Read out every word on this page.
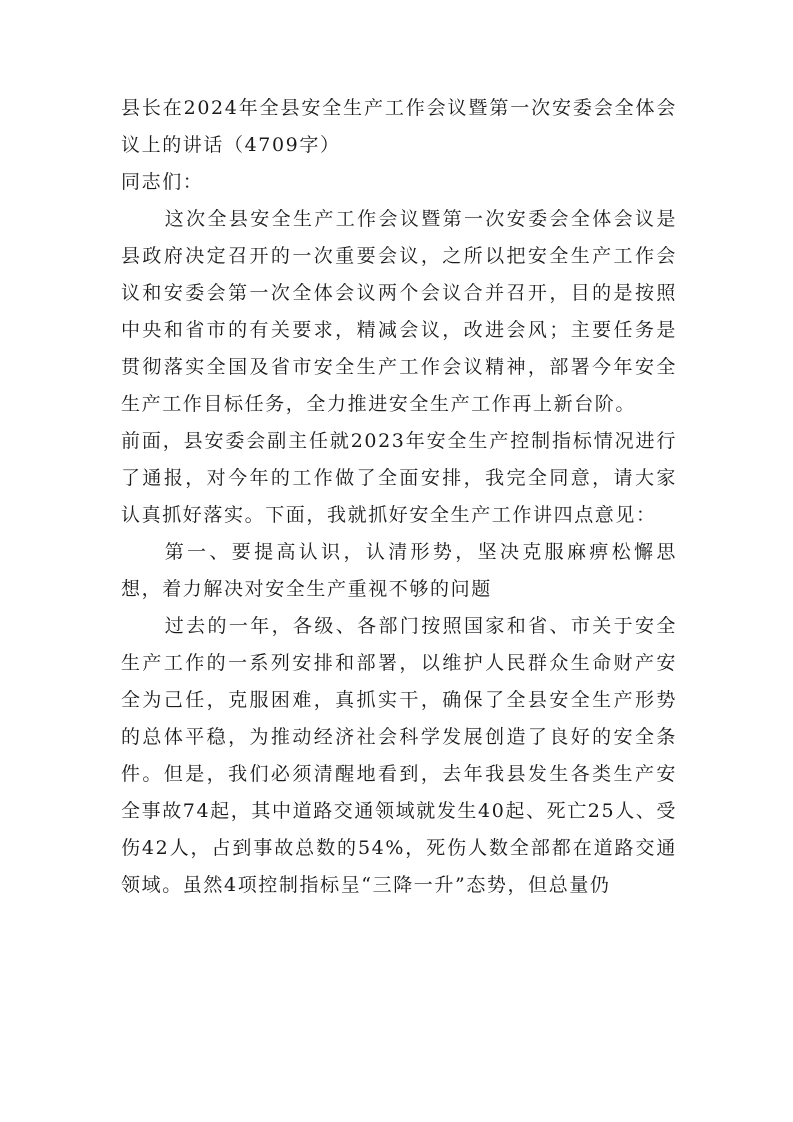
县长在2024年全县安全生产工作会议暨第一次安委会全体会议上的讲话（4709字）

同志们：

这次全县安全生产工作会议暨第一次安委会全体会议是县政府决定召开的一次重要会议，之所以把安全生产工作会议和安委会第一次全体会议两个会议合并召开，目的是按照中央和省市的有关要求，精减会议，改进会风；主要任务是贯彻落实全国及省市安全生产工作会议精神，部署今年安全生产工作目标任务，全力推进安全生产工作再上新台阶。

前面，县安委会副主任就2023年安全生产控制指标情况进行了通报，对今年的工作做了全面安排，我完全同意，请大家认真抓好落实。下面，我就抓好安全生产工作讲四点意见：

第一、要提高认识，认清形势，坚决克服麻痹松懈思想，着力解决对安全生产重视不够的问题

过去的一年，各级、各部门按照国家和省、市关于安全生产工作的一系列安排和部署，以维护人民群众生命财产安全为己任，克服困难，真抓实干，确保了全县安全生产形势的总体平稳，为推动经济社会科学发展创造了良好的安全条件。但是，我们必须清醒地看到，去年我县发生各类生产安全事故74起，其中道路交通领域就发生40起、死亡25人、受伤42人，占到事故总数的54%，死伤人数全部都在道路交通领域。虽然4项控制指标呈“三降一升”态势，但总量仍
